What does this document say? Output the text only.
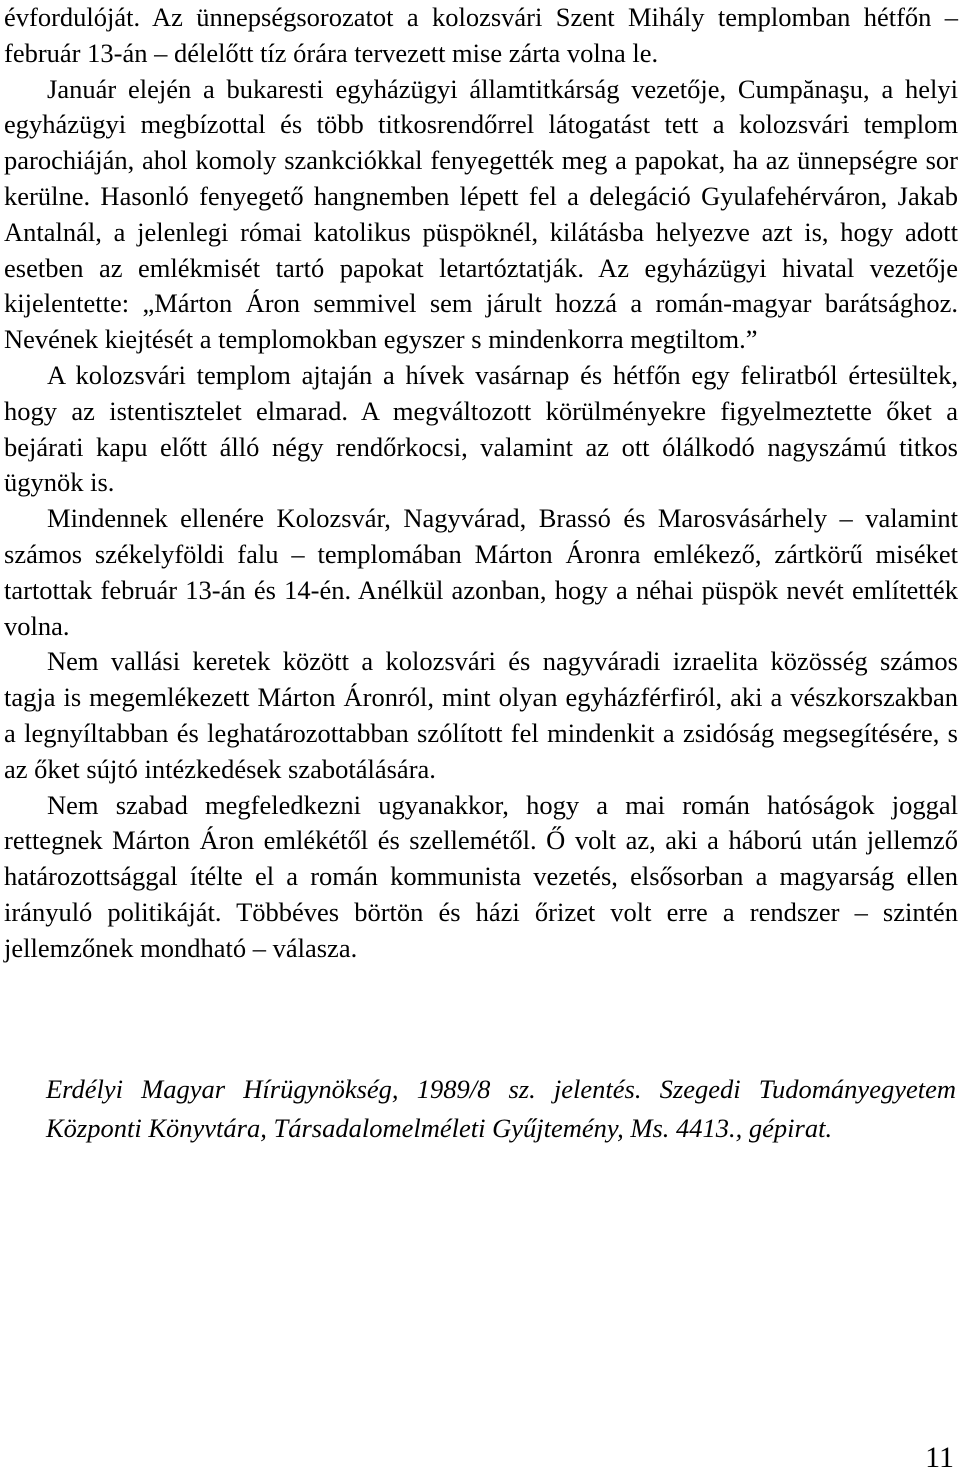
évfordulóját. Az ünnepségsorozatot a kolozsvári Szent Mihály templomban hétfőn – február 13-án – délelőtt tíz órára tervezett mise zárta volna le.

Január elején a bukaresti egyházügyi államtitkárság vezetője, Cumpănaşu, a helyi egyházügyi megbízottal és több titkosrendőrrel látogatást tett a kolozsvári templom parochiáján, ahol komoly szankciókkal fenyegették meg a papokat, ha az ünnepségre sor kerülne. Hasonló fenyegető hangnemben lépett fel a delegáció Gyulafehérváron, Jakab Antalnál, a jelenlegi római katolikus püspöknél, kilátásba helyezve azt is, hogy adott esetben az emlékmisét tartó papokat letartóztatják. Az egyházügyi hivatal vezetője kijelentette: „Márton Áron semmivel sem járult hozzá a román-magyar barátsághoz. Nevének kiejtését a templomokban egyszer s mindenkorra megtiltom.”

A kolozsvári templom ajtaján a hívek vasárnap és hétfőn egy feliratból értesültek, hogy az istentisztelet elmarad. A megváltozott körülményekre figyelmeztette őket a bejárati kapu előtt álló négy rendőrkocsi, valamint az ott ólálkodó nagyszámú titkos ügynök is.

Mindennek ellenére Kolozsvár, Nagyvárad, Brassó és Marosvásárhely – valamint számos székelyföldi falu – templomában Márton Áronra emlékező, zártkörű miséket tartottak február 13-án és 14-én. Anélkül azonban, hogy a néhai püspök nevét említették volna.

Nem vallási keretek között a kolozsvári és nagyváradi izraelita közösség számos tagja is megemlékezett Márton Áronról, mint olyan egyházférfiról, aki a vészkorszakban a legnyíltabban és leghatározottabban szólított fel mindenkit a zsidóság megsegítésére, s az őket sújtó intézkedések szabotálására.

Nem szabad megfeledkezni ugyanakkor, hogy a mai román hatóságok joggal rettegnek Márton Áron emlékétől és szellemétől. Ő volt az, aki a háború után jellemző határozottsággal ítélte el a román kommunista vezetés, elsősorban a magyarság ellen irányuló politikáját. Többéves börtön és házi őrizet volt erre a rendszer – szintén jellemzőnek mondható – válasza.

Erdélyi Magyar Hírügynökség, 1989/8 sz. jelentés. Szegedi Tudományegyetem Központi Könyvtára, Társadalomelméleti Gyűjtemény, Ms. 4413., gépirat.
11
